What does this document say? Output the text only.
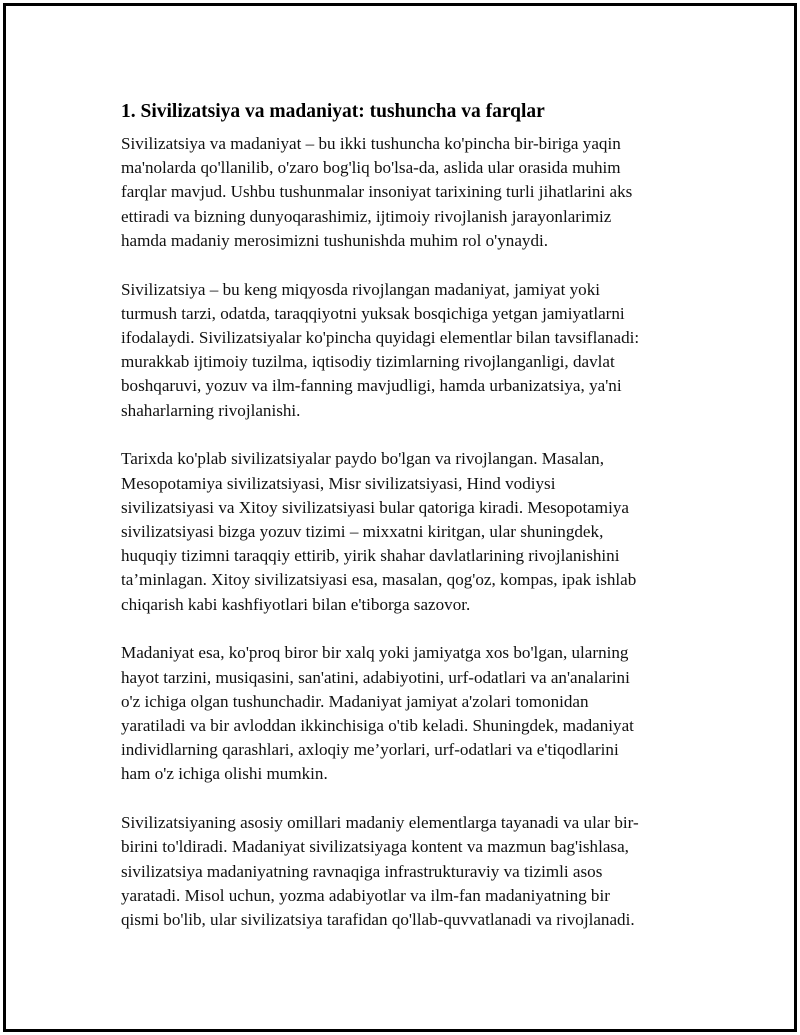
1. Sivilizatsiya va madaniyat: tushuncha va farqlar

Sivilizatsiya va madaniyat – bu ikki tushuncha ko'pincha bir-biriga yaqin
ma'nolarda qo'llanilib, o'zaro bog'liq bo'lsa-da, aslida ular orasida muhim
farqlar mavjud. Ushbu tushunmalar insoniyat tarixining turli jihatlarini aks
ettiradi va bizning dunyoqarashimiz, ijtimoiy rivojlanish jarayonlarimiz
hamda madaniy merosimizni tushunishda muhim rol o'ynaydi.

Sivilizatsiya – bu keng miqyosda rivojlangan madaniyat, jamiyat yoki
turmush tarzi, odatda, taraqqiyotni yuksak bosqichiga yetgan jamiyatlarni
ifodalaydi. Sivilizatsiyalar ko'pincha quyidagi elementlar bilan tavsiflanadi:
murakkab ijtimoiy tuzilma, iqtisodiy tizimlarning rivojlanganligi, davlat
boshqaruvi, yozuv va ilm-fanning mavjudligi, hamda urbanizatsiya, ya'ni
shaharlarning rivojlanishi.

Tarixda ko'plab sivilizatsiyalar paydo bo'lgan va rivojlangan. Masalan,
Mesopotamiya sivilizatsiyasi, Misr sivilizatsiyasi, Hind vodiysi
sivilizatsiyasi va Xitoy sivilizatsiyasi bular qatoriga kiradi. Mesopotamiya
sivilizatsiyasi bizga yozuv tizimi – mixxatni kiritgan, ular shuningdek,
huquqiy tizimni taraqqiy ettirib, yirik shahar davlatlarining rivojlanishini
ta’minlagan. Xitoy sivilizatsiyasi esa, masalan, qog'oz, kompas, ipak ishlab
chiqarish kabi kashfiyotlari bilan e'tiborga sazovor.

Madaniyat esa, ko'proq biror bir xalq yoki jamiyatga xos bo'lgan, ularning
hayot tarzini, musiqasini, san'atini, adabiyotini, urf-odatlari va an'analarini
o'z ichiga olgan tushunchadir. Madaniyat jamiyat a'zolari tomonidan
yaratiladi va bir avloddan ikkinchisiga o'tib keladi. Shuningdek, madaniyat
individlarning qarashlari, axloqiy me’yorlari, urf-odatlari va e'tiqodlarini
ham o'z ichiga olishi mumkin.

Sivilizatsiyaning asosiy omillari madaniy elementlarga tayanadi va ular bir-
birini to'ldiradi. Madaniyat sivilizatsiyaga kontent va mazmun bag'ishlasa,
sivilizatsiya madaniyatning ravnaqiga infrastrukturaviy va tizimli asos
yaratadi. Misol uchun, yozma adabiyotlar va ilm-fan madaniyatning bir
qismi bo'lib, ular sivilizatsiya tarafidan qo'llab-quvvatlanadi va rivojlanadi.
